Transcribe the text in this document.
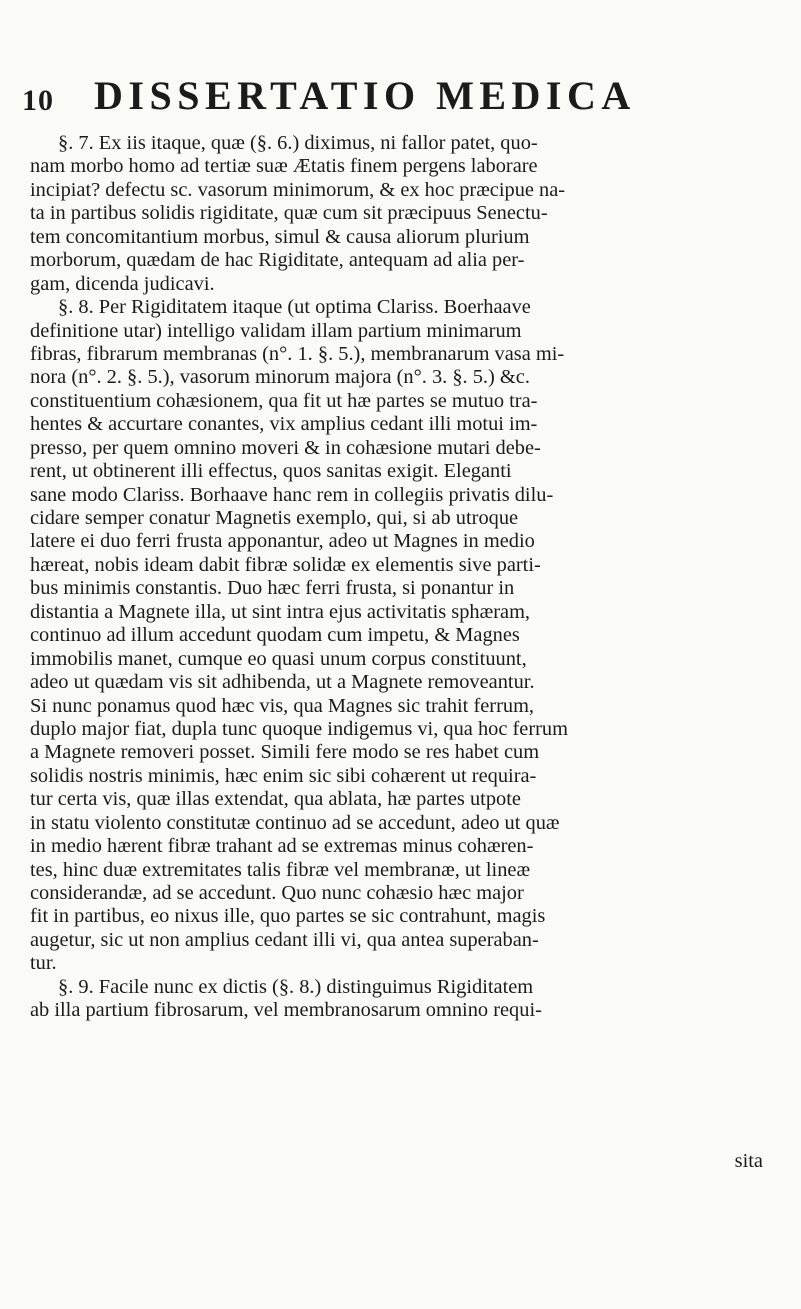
10 DISSERTATIO MEDICA
§. 7. Ex iis itaque, quæ (§. 6.) diximus, ni fallor patet, quo-
nam morbo homo ad tertiæ suæ Ætatis finem pergens laborare
incipiat? defectu sc. vasorum minimorum, & ex hoc præcipue na-
ta in partibus solidis rigiditate, quæ cum sit præcipuus Senectu-
tem concomitantium morbus, simul & causa aliorum plurium
morborum, quædam de hac Rigiditate, antequam ad alia per-
gam, dicenda judicavi.
§. 8. Per Rigiditatem itaque (ut optima Clariss. Boerhaave
definitione utar) intelligo validam illam partium minimarum
fibras, fibrarum membranas (n°. 1. §. 5.), membranarum vasa mi-
nora (n°. 2. §. 5.), vasorum minorum majora (n°. 3. §. 5.) &c.
constituentium cohæsionem, qua fit ut hæ partes se mutuo tra-
hentes & accurtare conantes, vix amplius cedant illi motui im-
presso, per quem omnino moveri & in cohæsione mutari debe-
rent, ut obtinerent illi effectus, quos sanitas exigit. Eleganti
sane modo Clariss. Borhaave hanc rem in collegiis privatis dilu-
cidare semper conatur Magnetis exemplo, qui, si ab utroque
latere ei duo ferri frusta apponantur, adeo ut Magnes in medio
hæreat, nobis ideam dabit fibræ solidæ ex elementis sive parti-
bus minimis constantis. Duo hæc ferri frusta, si ponantur in
distantia a Magnete illa, ut sint intra ejus activitatis sphæram,
continuo ad illum accedunt quodam cum impetu, & Magnes
immobilis manet, cumque eo quasi unum corpus constituunt,
adeo ut quædam vis sit adhibenda, ut a Magnete removeantur.
Si nunc ponamus quod hæc vis, qua Magnes sic trahit ferrum,
duplo major fiat, dupla tunc quoque indigemus vi, qua hoc ferrum
a Magnete removeri posset. Simili fere modo se res habet cum
solidis nostris minimis, hæc enim sic sibi cohærent ut requira-
tur certa vis, quæ illas extendat, qua ablata, hæ partes utpote
in statu violento constitutæ continuo ad se accedunt, adeo ut quæ
in medio hærent fibræ trahant ad se extremas minus cohæren-
tes, hinc duæ extremitates talis fibræ vel membranæ, ut lineæ
considerandæ, ad se accedunt. Quo nunc cohæsio hæc major
fit in partibus, eo nixus ille, quo partes se sic contrahunt, magis
augetur, sic ut non amplius cedant illi vi, qua antea superaban-
tur.
§. 9. Facile nunc ex dictis (§. 8.) distinguimus Rigiditatem
ab illa partium fibrosarum, vel membranosarum omnino requi-
sita
